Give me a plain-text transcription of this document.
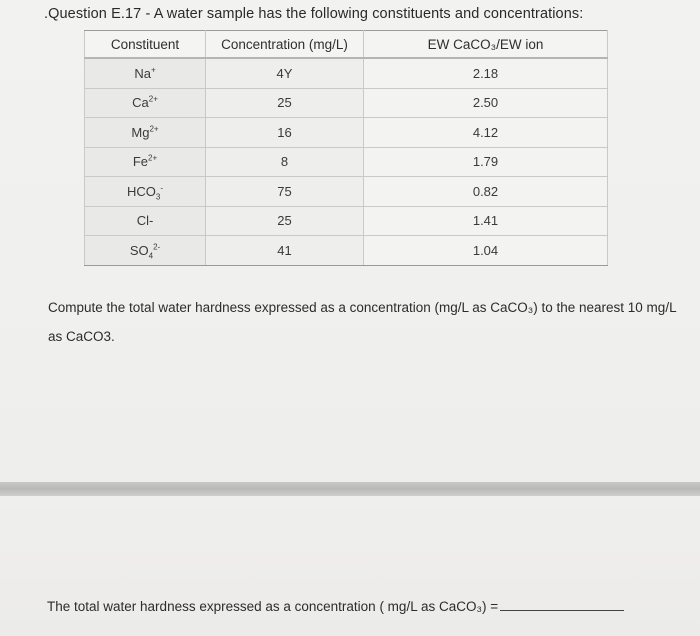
.Question E.17 - A water sample has the following constituents and concentrations:
Constituent	Concentration (mg/L)	EW CaCO₃/EW ion
Na+	4Y	2.18
$Ca^{2+}$	25	2.50
$Mg^{2+}$	16	4.12
$Fe^{2+}$	8	1.79
$HCO_3^-$	75	0.82
Cl-	25	1.41
$SO_4^{2-}$	41	1.04
Compute the total water hardness expressed as a concentration (mg/L as CaCO₃) to the nearest 10 mg/L
as CaCO3.
The total water hardness expressed as a concentration ( mg/L as CaCO₃) =
